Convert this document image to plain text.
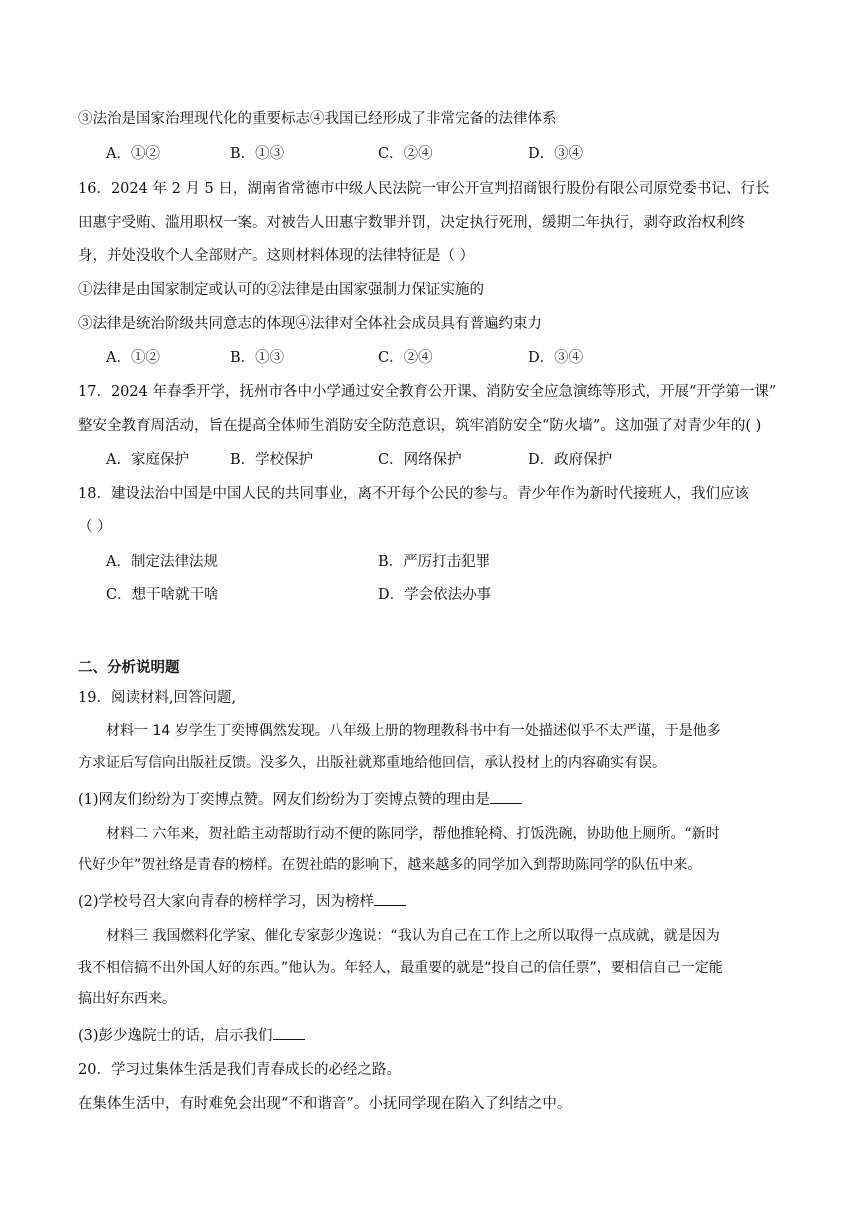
③法治是国家治理现代化的重要标志④我国已经形成了非常完备的法律体系
A．①②	B．①③	C．②④	D．③④
16．2024 年 2 月 5 日，湖南省常德市中级人民法院一审公开宣判招商银行股份有限公司原党委书记、行长
田惠宇受贿、滥用职权一案。对被告人田惠宇数罪并罚，决定执行死刑，缓期二年执行，剥夺政治权利终
身，并处没收个人全部财产。这则材料体现的法律特征是（ ）
①法律是由国家制定或认可的②法律是由国家强制力保证实施的
③法律是统治阶级共同意志的体现④法律对全体社会成员具有普遍约束力
A．①②	B．①③	C．②④	D．③④
17．2024 年春季开学，抚州市各中小学通过安全教育公开课、消防安全应急演练等形式，开展“开学第一课”
整安全教育周活动，旨在提高全体师生消防安全防范意识，筑牢消防安全“防火墙”。这加强了对青少年的( )
A．家庭保护	B．学校保护	C．网络保护	D．政府保护
18．建设法治中国是中国人民的共同事业，离不开每个公民的参与。青少年作为新时代接班人，我们应该
（ ）
A．制定法律法规	B．严厉打击犯罪
C．想干啥就干啥	D．学会依法办事
二、分析说明题
19．阅读材料,回答问题,
材料一 14 岁学生丁奕博偶然发现。八年级上册的物理教科书中有一处描述似乎不太严谨，于是他多
方求证后写信向出版社反馈。没多久，出版社就郑重地给他回信，承认投材上的内容确实有误。
(1)网友们纷纷为丁奕博点赞。网友们纷纷为丁奕博点赞的理由是
材料二 六年来，贺社皓主动帮助行动不便的陈同学，帮他推轮椅、打饭洗碗，协助他上厕所。“新时
代好少年”贺社络是青春的榜样。在贺社皓的影响下，越来越多的同学加入到帮助陈同学的队伍中来。
(2)学校号召大家向青春的榜样学习，因为榜样
材料三 我国燃料化学家、催化专家彭少逸说：“我认为自己在工作上之所以取得一点成就，就是因为
我不相信搞不出外国人好的东西。”他认为。年轻人，最重要的就是“投自己的信任票”，要相信自己一定能
搞出好东西来。
(3)彭少逸院士的话，启示我们
20．学习过集体生活是我们青春成长的必经之路。
在集体生活中，有时难免会出现“不和谐音”。小抚同学现在陷入了纠结之中。
